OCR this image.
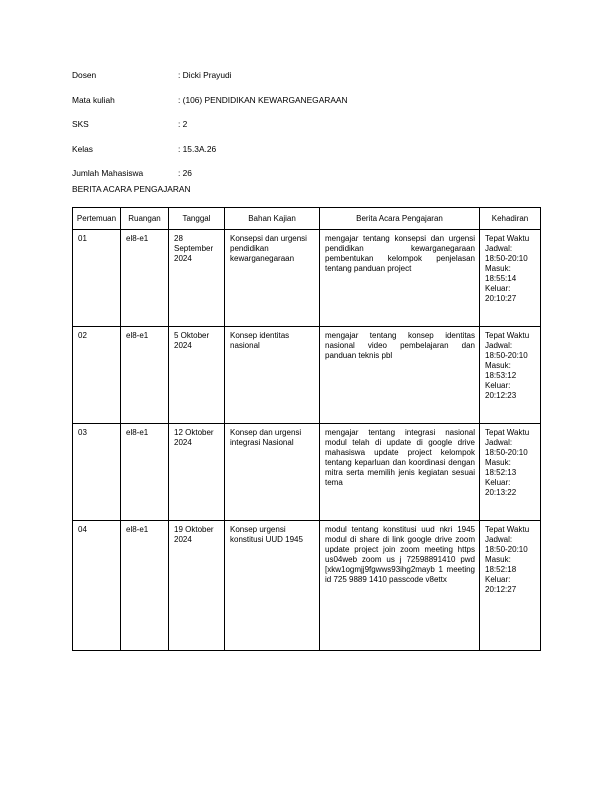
Dosen	: Dicki Prayudi
Mata kuliah	: (106) PENDIDIKAN KEWARGANEGARAAN
SKS	: 2
Kelas	: 15.3A.26
Jumlah Mahasiswa	: 26
BERITA ACARA PENGAJARAN
Pertemuan	Ruangan	Tanggal	Bahan Kajian	Berita Acara Pengajaran	Kehadiran
01	el8-e1	28 September 2024	Konsepsi dan urgensi pendidikan kewarganegaraan	mengajar tentang konsepsi dan urgensi pendidikan kewarganegaraan pembentukan kelompok penjelasan tentang panduan project	Tepat Waktu Jadwal: 18:50-20:10 Masuk: 18:55:14 Keluar: 20:10:27
02	el8-e1	5 Oktober 2024	Konsep identitas nasional	mengajar tentang konsep identitas nasional video pembelajaran dan panduan teknis pbl	Tepat Waktu Jadwal: 18:50-20:10 Masuk: 18:53:12 Keluar: 20:12:23
03	el8-e1	12 Oktober 2024	Konsep dan urgensi integrasi Nasional	mengajar tentang integrasi nasional modul telah di update di google drive mahasiswa update project kelompok tentang keparluan dan koordinasi dengan mitra serta memilih jenis kegiatan sesuai tema	Tepat Waktu Jadwal: 18:50-20:10 Masuk: 18:52:13 Keluar: 20:13:22
04	el8-e1	19 Oktober 2024	Konsep urgensi konstitusi UUD 1945	modul tentang konstitusi uud nkri 1945 modul di share di link google drive zoom update project join zoom meeting https us04web zoom us j 72598891410 pwd [xkw1ogmjj9fgwws93ihg2mayb 1 meeting id 725 9889 1410 passcode v8ettx	Tepat Waktu Jadwal: 18:50-20:10 Masuk: 18:52:18 Keluar: 20:12:27
